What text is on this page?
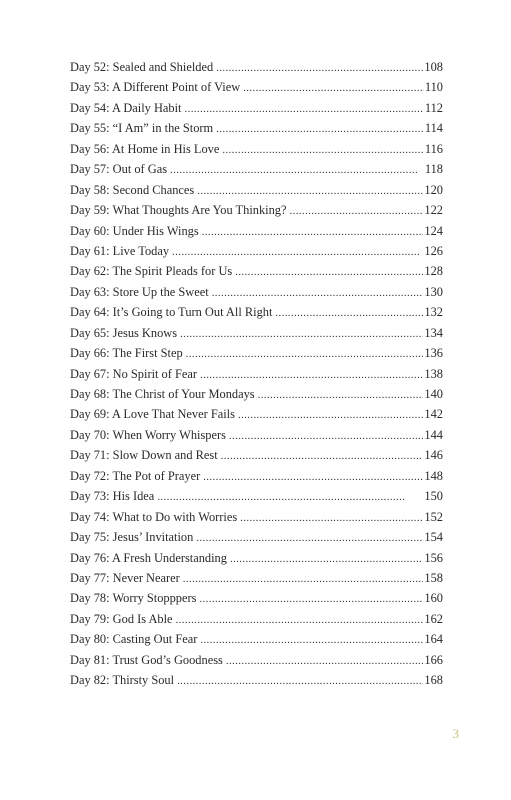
Day 52: Sealed and Shielded . . .	108
Day 53: A Different Point of View . . .	110
Day 54: A Daily Habit . . .	112
Day 55: “I Am” in the Storm . . .	114
Day 56: At Home in His Love . . .	116
Day 57: Out of Gas . . .	118
Day 58: Second Chances . . .	120
Day 59: What Thoughts Are You Thinking? . . .	122
Day 60: Under His Wings . . .	124
Day 61: Live Today . . .	126
Day 62: The Spirit Pleads for Us . . .	128
Day 63: Store Up the Sweet . . .	130
Day 64: It’s Going to Turn Out All Right . . .	132
Day 65: Jesus Knows . . .	134
Day 66: The First Step . . .	136
Day 67: No Spirit of Fear . . .	138
Day 68: The Christ of Your Mondays . . .	140
Day 69: A Love That Never Fails . . .	142
Day 70: When Worry Whispers . . .	144
Day 71: Slow Down and Rest . . .	146
Day 72: The Pot of Prayer . . .	148
Day 73: His Idea . . .	150
Day 74: What to Do with Worries . . .	152
Day 75: Jesus’ Invitation . . .	154
Day 76: A Fresh Understanding . . .	156
Day 77: Never Nearer . . .	158
Day 78: Worry Stopppers . . .	160
Day 79: God Is Able . . .	162
Day 80: Casting Out Fear . . .	164
Day 81: Trust God’s Goodness . . .	166
Day 82: Thirsty Soul . . .	168
3
